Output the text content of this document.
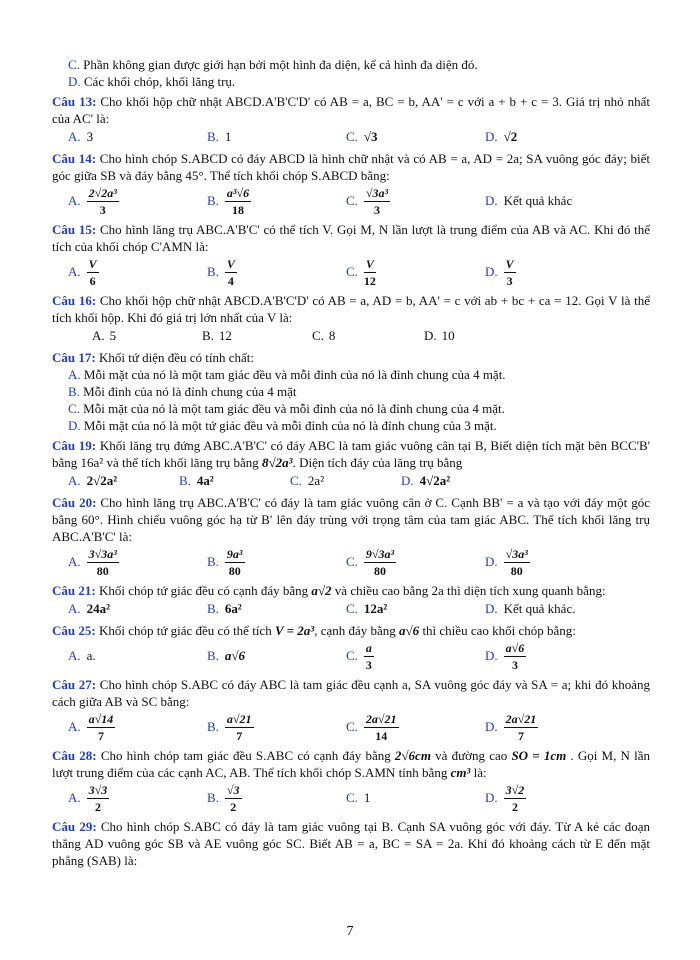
C. Phần không gian được giới hạn bởi một hình đa diện, kể cả hình đa diện đó.
D. Các khối chóp, khối lăng trụ.
Câu 13: Cho khối hộp chữ nhật ABCD.A'B'C'D' có AB = a, BC = b, AA' = c với a + b + c = 3. Giá trị nhỏ nhất của AC' là:
A. 3	B. 1	C. √3	D. √2
Câu 14: Cho hình chóp S.ABCD có đáy ABCD là hình chữ nhật và có AB = a, AD = 2a; SA vuông góc đáy; biết góc giữa SB và đáy bằng 45°. Thể tích khối chóp S.ABCD bằng:
A. $\frac{\text{2√2a³}}{3}$	B. $\frac{\text{a³√6}}{18}$	C. $\frac{\text{√3a³}}{3}$	D. Kết quả khác
Câu 15: Cho hình lăng trụ ABC.A'B'C' có thể tích V. Gọi M, N lần lượt là trung điểm của AB và AC. Khi đó thể tích của khối chóp C'AMN là:
A. $\frac{V}{6}$	B. $\frac{V}{4}$	C. $\frac{V}{12}$	D. $\frac{V}{3}$
Câu 16: Cho khối hộp chữ nhật ABCD.A'B'C'D' có AB = a, AD = b, AA' = c với ab + bc + ca = 12. Gọi V là thể tích khối hộp. Khi đó giá trị lớn nhất của V là:
A. 5	B. 12	C. 8	D. 10
Câu 17: Khối tứ diện đều có tính chất:
A. Mỗi mặt của nó là một tam giác đều và mỗi đỉnh của nó là đỉnh chung của 4 mặt.
B. Mỗi đỉnh của nó là đỉnh chung của 4 mặt
C. Mỗi mặt của nó là một tam giác đều và mỗi đỉnh của nó là đỉnh chung của 4 mặt.
D. Mỗi mặt của nó là một tứ giác đều và mỗi đỉnh của nó là đỉnh chung của 3 mặt.
Câu 19: Khối lăng trụ đứng ABC.A'B'C' có đáy ABC là tam giác vuông cân tại B, Biết diện tích mặt bên BCC'B' bằng 16a² và thể tích khối lăng trụ bằng 8√2a³. Diện tích đáy của lăng trụ bằng
A. 2√2a²	B. 4a²	C. 2a²	D. 4√2a²
Câu 20: Cho hình lăng trụ ABC.A'B'C' có đáy là tam giác vuông cân ở C. Cạnh BB' = a và tạo với đáy một góc bằng 60°. Hình chiếu vuông góc hạ từ B' lên đáy trùng với trọng tâm của tam giác ABC. Thể tích khối lăng trụ ABC.A'B'C' là:
A. $\frac{\text{3√3a³}}{80}$	B. $\frac{\text{9a³}}{80}$	C. $\frac{\text{9√3a³}}{80}$	D. $\frac{\text{√3a³}}{80}$
Câu 21: Khối chóp tứ giác đều có cạnh đáy bằng a√2 và chiều cao bằng 2a thì diện tích xung quanh bằng:
A. 24a²	B. 6a²	C. 12a²	D. Kết quả khác.
Câu 25: Khối chóp tứ giác đều có thể tích V = 2a³, cạnh đáy bằng a√6 thì chiều cao khối chóp bằng:
A. a.	B. a√6	C. $\frac{a}{3}$	D. $\frac{a√6}{3}$
Câu 27: Cho hình chóp S.ABC có đáy ABC là tam giác đều cạnh a, SA vuông góc đáy và SA = a; khi đó khoảng cách giữa AB và SC bằng:
A. $\frac{a√14}{7}$	B. $\frac{a√21}{7}$	C. $\frac{2a√21}{14}$	D. $\frac{2a√21}{7}$
Câu 28: Cho hình chóp tam giác đều S.ABC có cạnh đáy bằng 2√6cm và đường cao SO = 1cm . Gọi M, N lần lượt trung điểm của các cạnh AC, AB. Thể tích khối chóp S.AMN tính bằng cm³ là:
A. $\frac{3√3}{2}$	B. $\frac{√3}{2}$	C. 1	D. $\frac{3√2}{2}$
Câu 29: Cho hình chóp S.ABC có đáy là tam giác vuông tại B. Cạnh SA vuông góc với đáy. Từ A kẻ các đoạn thẳng AD vuông góc SB và AE vuông góc SC. Biết AB = a, BC = SA = 2a. Khi đó khoảng cách từ E đến mặt phẳng (SAB) là:
7
